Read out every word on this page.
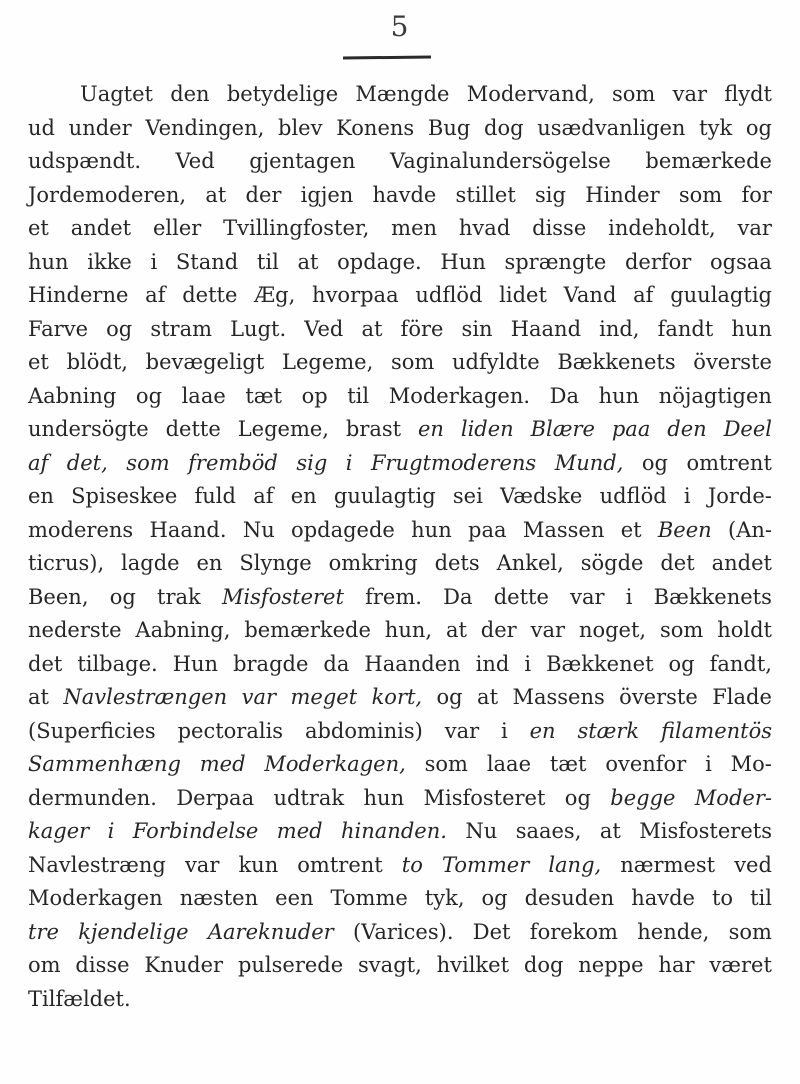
5
Uagtet den betydelige Mængde Modervand, som var flydt
ud under Vendingen, blev Konens Bug dog usædvanligen tyk og
udspændt. Ved gjentagen Vaginalundersögelse bemærkede
Jordemoderen, at der igjen havde stillet sig Hinder som for
et andet eller Tvillingfoster, men hvad disse indeholdt, var
hun ikke i Stand til at opdage. Hun sprængte derfor ogsaa
Hinderne af dette Æg, hvorpaa udflöd lidet Vand af guulagtig
Farve og stram Lugt. Ved at före sin Haand ind, fandt hun
et blödt, bevægeligt Legeme, som udfyldte Bækkenets överste
Aabning og laae tæt op til Moderkagen. Da hun nöjagtigen
undersögte dette Legeme, brast en liden Blære paa den Deel
af det, som fremböd sig i Frugtmoderens Mund, og omtrent
en Spiseskee fuld af en guulagtig sei Vædske udflöd i Jorde-
moderens Haand. Nu opdagede hun paa Massen et Been (An-
ticrus), lagde en Slynge omkring dets Ankel, sögde det andet
Been, og trak Misfosteret frem. Da dette var i Bækkenets
nederste Aabning, bemærkede hun, at der var noget, som holdt
det tilbage. Hun bragde da Haanden ind i Bækkenet og fandt,
at Navlestrængen var meget kort, og at Massens överste Flade
(Superficies pectoralis abdominis) var i en stærk filamentös
Sammenhæng med Moderkagen, som laae tæt ovenfor i Mo-
dermunden. Derpaa udtrak hun Misfosteret og begge Moder-
kager i Forbindelse med hinanden. Nu saaes, at Misfosterets
Navlestræng var kun omtrent to Tommer lang, nærmest ved
Moderkagen næsten een Tomme tyk, og desuden havde to til
tre kjendelige Aareknuder (Varices). Det forekom hende, som
om disse Knuder pulserede svagt, hvilket dog neppe har været
Tilfældet.
